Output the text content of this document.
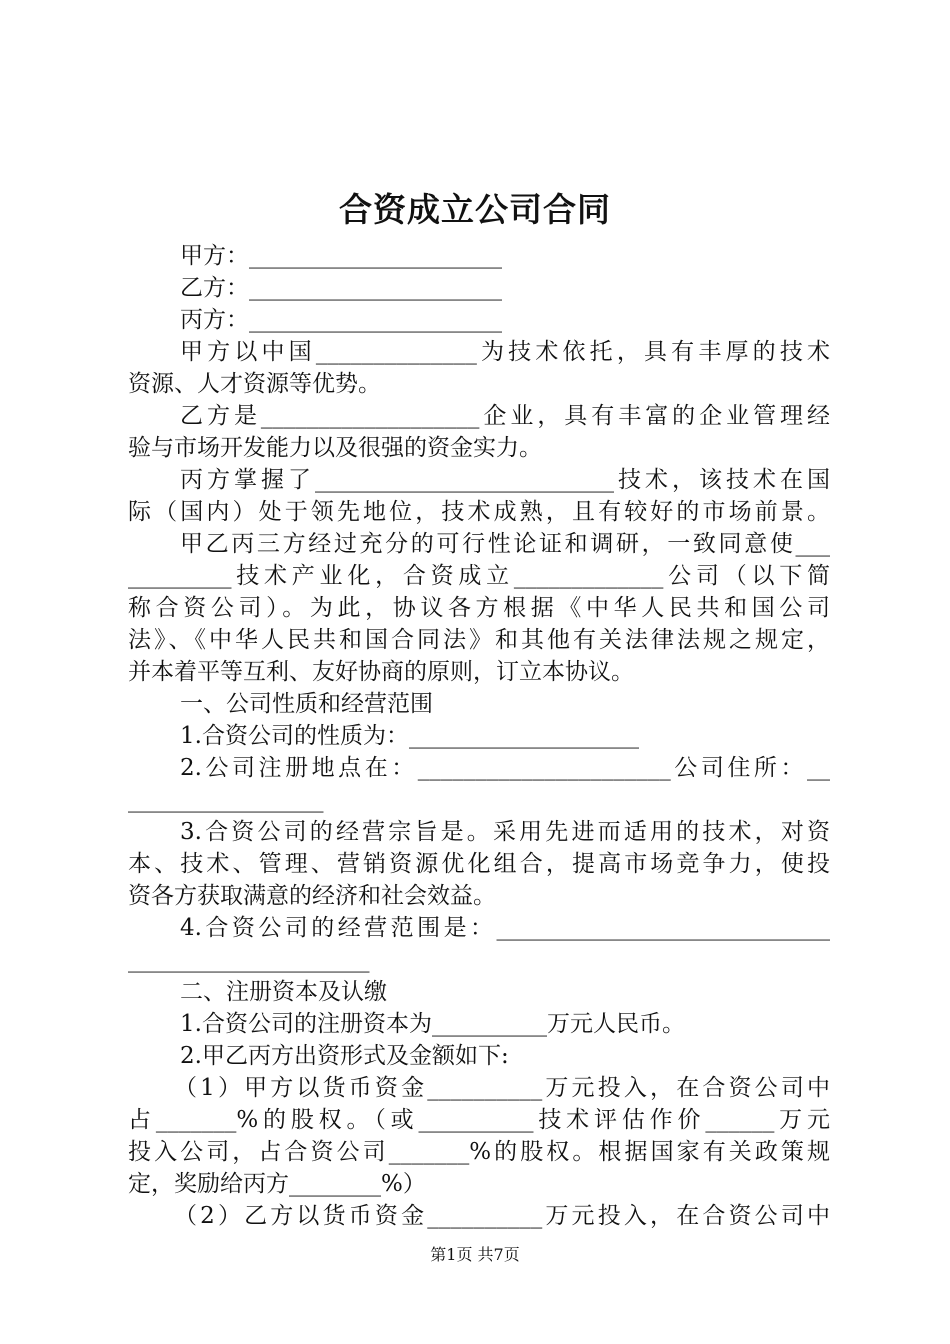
合资成立公司合同
甲方：______________________
乙方：______________________
丙方：______________________
甲方以中国______________为技术依托，具有丰厚的技术
资源、人才资源等优势。
乙方是___________________企业，具有丰富的企业管理经
验与市场开发能力以及很强的资金实力。
丙方掌握了__________________________技术，该技术在国
际（国内）处于领先地位，技术成熟，且有较好的市场前景。
甲乙丙三方经过充分的可行性论证和调研，一致同意使___
_________技术产业化，合资成立_____________公司（以下简
称合资公司）。为此，协议各方根据《中华人民共和国公司
法》、《中华人民共和国合同法》和其他有关法律法规之规定，
并本着平等互利、友好协商的原则，订立本协议。
一、公司性质和经营范围
1.合资公司的性质为：____________________
2.公司注册地点在：______________________公司住所：__
_________________
3.合资公司的经营宗旨是。采用先进而适用的技术，对资
本、技术、管理、营销资源优化组合，提高市场竞争力，使投
资各方获取满意的经济和社会效益。
4.合资公司的经营范围是：_____________________________
_____________________
二、注册资本及认缴
1.合资公司的注册资本为__________万元人民币。
2.甲乙丙方出资形式及金额如下:
（1）甲方以货币资金__________万元投入，在合资公司中
占_______%的股权。（或__________技术评估作价______万元
投入公司，占合资公司_______%的股权。根据国家有关政策规
定，奖励给丙方________%）
（2）乙方以货币资金__________万元投入，在合资公司中
第1页 共7页
